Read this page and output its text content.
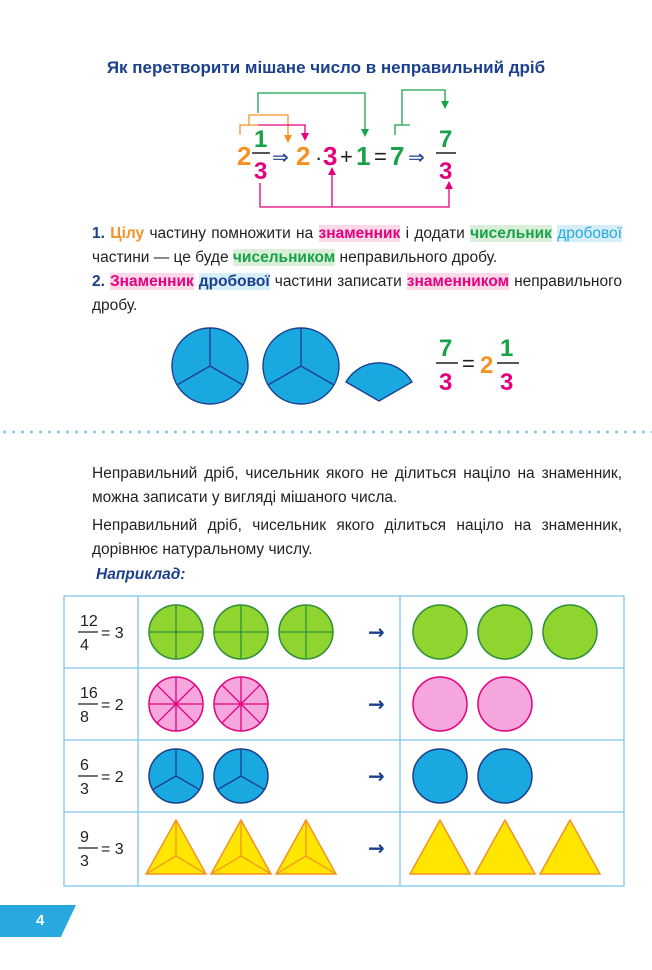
Як перетворити мішане число в неправильний дріб
2
1
3 ⇒ 2 · 3 + 1 = 7 ⇒
7
3

1. Цілу частину помножити на знаменник і додати чисельник дробової частини — це буде чисельником неправильного дробу.

2. Знаменник дробової частини записати знаменником неправильного дробу.

7
3
= 2
1
3

Неправильний дріб, чисельник якого не ділиться націло на знаменник, можна записати у вигляді мішаного числа.

Неправильний дріб, чисельник якого ділиться націло на знаменник, дорівнює натуральному числу.

Наприклад:
12
4
= 3	→
16
8
= 2	→
6
3
= 2	→
9
3
= 3	→
4
